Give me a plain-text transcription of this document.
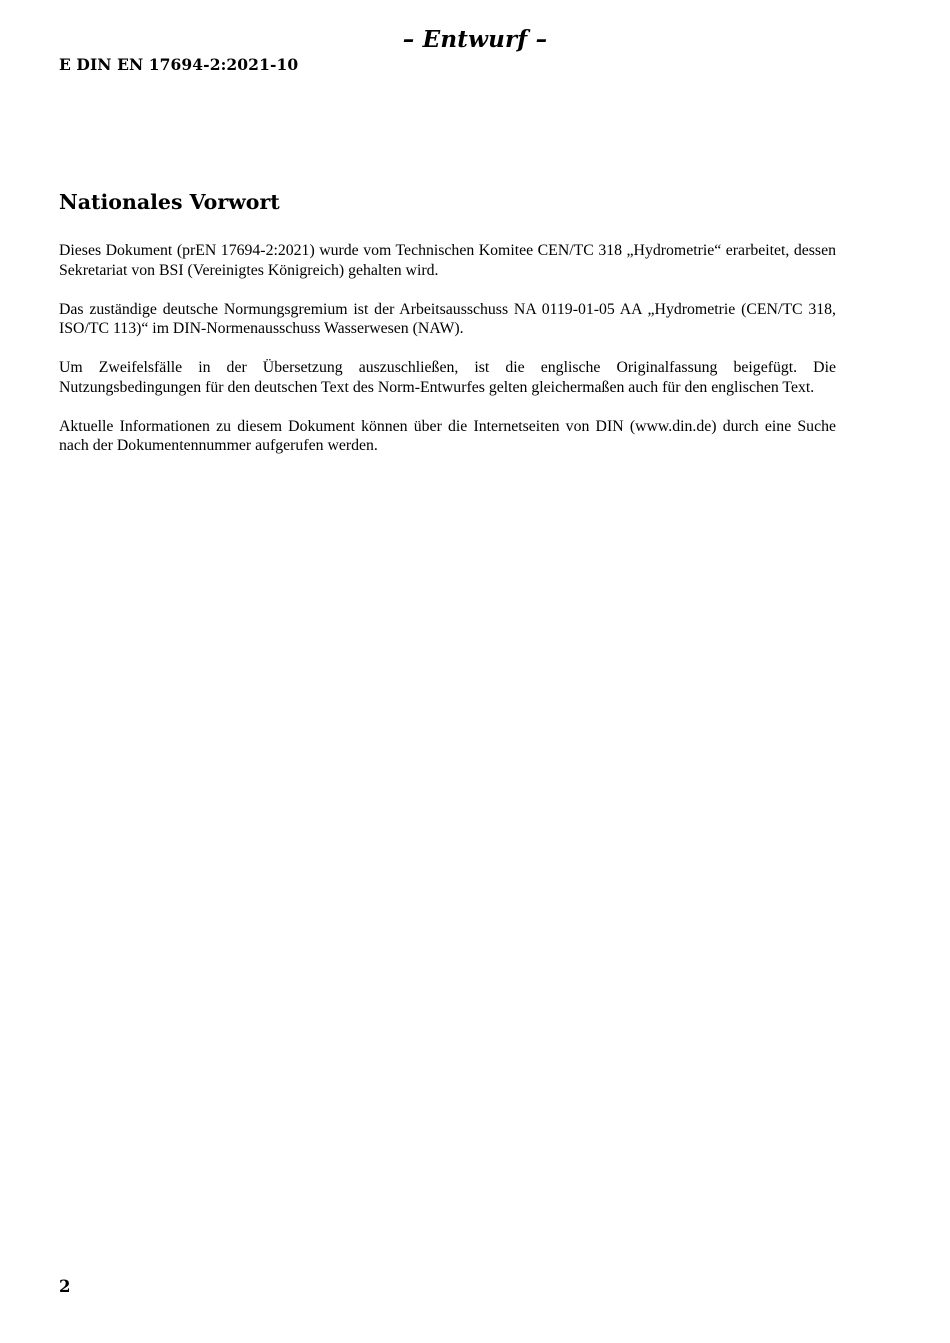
– Entwurf –
E DIN EN 17694-2:2021-10
Nationales Vorwort

Dieses Dokument (prEN 17694-2:2021) wurde vom Technischen Komitee CEN/TC 318 „Hydrometrie“ erarbeitet, dessen Sekretariat von BSI (Vereinigtes Königreich) gehalten wird.

Das zuständige deutsche Normungsgremium ist der Arbeitsausschuss NA 0119-01-05 AA „Hydrometrie (CEN/TC 318, ISO/TC 113)“ im DIN-Normenausschuss Wasserwesen (NAW).

Um Zweifelsfälle in der Übersetzung auszuschließen, ist die englische Originalfassung beigefügt. Die Nutzungsbedingungen für den deutschen Text des Norm-Entwurfes gelten gleichermaßen auch für den englischen Text.

Aktuelle Informationen zu diesem Dokument können über die Internetseiten von DIN (www.din.de) durch eine Suche nach der Dokumentennummer aufgerufen werden.

2
